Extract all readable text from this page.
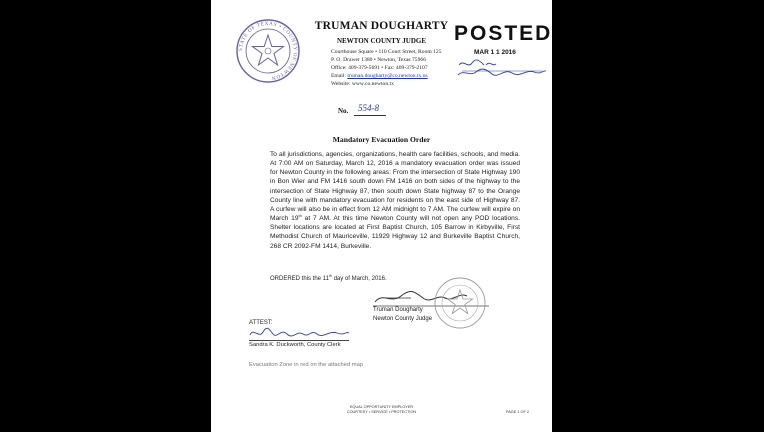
STATE OF TEXAS • COUNTY OF NEWTON
TRUMAN DOUGHARTY
NEWTON COUNTY JUDGE
Courthouse Square • 110 Court Street, Room 125
P. O. Drawer 1380 • Newton, Texas 75966
Office: 409-379-5691 • Fax: 409-379-2107
Email: truman.dougharty@co.newton.tx.us
Website: www.co.newton.tx
POSTED
MAR 1 1 2016
No. 554-8
Mandatory Evacuation Order
To all jurisdictions, agencies, organizations, health care facilities, schools, and media. At 7:00 AM on Saturday, March 12, 2016 a mandatory evacuation order was issued for Newton County in the following areas: From the intersection of State Highway 190 in Bon Wier and FM 1416 south down FM 1416 on both sides of the highway to the intersection of State Highway 87, then south down State highway 87 to the Orange County line with mandatory evacuation for residents on the east side of Highway 87. A curfew will also be in effect from 12 AM midnight to 7 AM. The curfew will expire on March 19th at 7 AM. At this time Newton County will not open any POD locations. Shelter locations are located at First Baptist Church, 105 Barrow in Kirbyville, First Methodist Church of Mauriceville, 11929 Highway 12 and Burkeville Baptist Church, 268 CR 2092-FM 1414, Burkeville.
ORDERED this the 11th day of March, 2016.
Truman Dougharty
Newton County Judge
ATTEST:
Sandra K. Duckworth, County Clerk
Evacuation Zone in red on the attached map
EQUAL OPPORTUNITY EMPLOYER
COURTESY • SERVICE • PROTECTION	PAGE 1 OF 2
